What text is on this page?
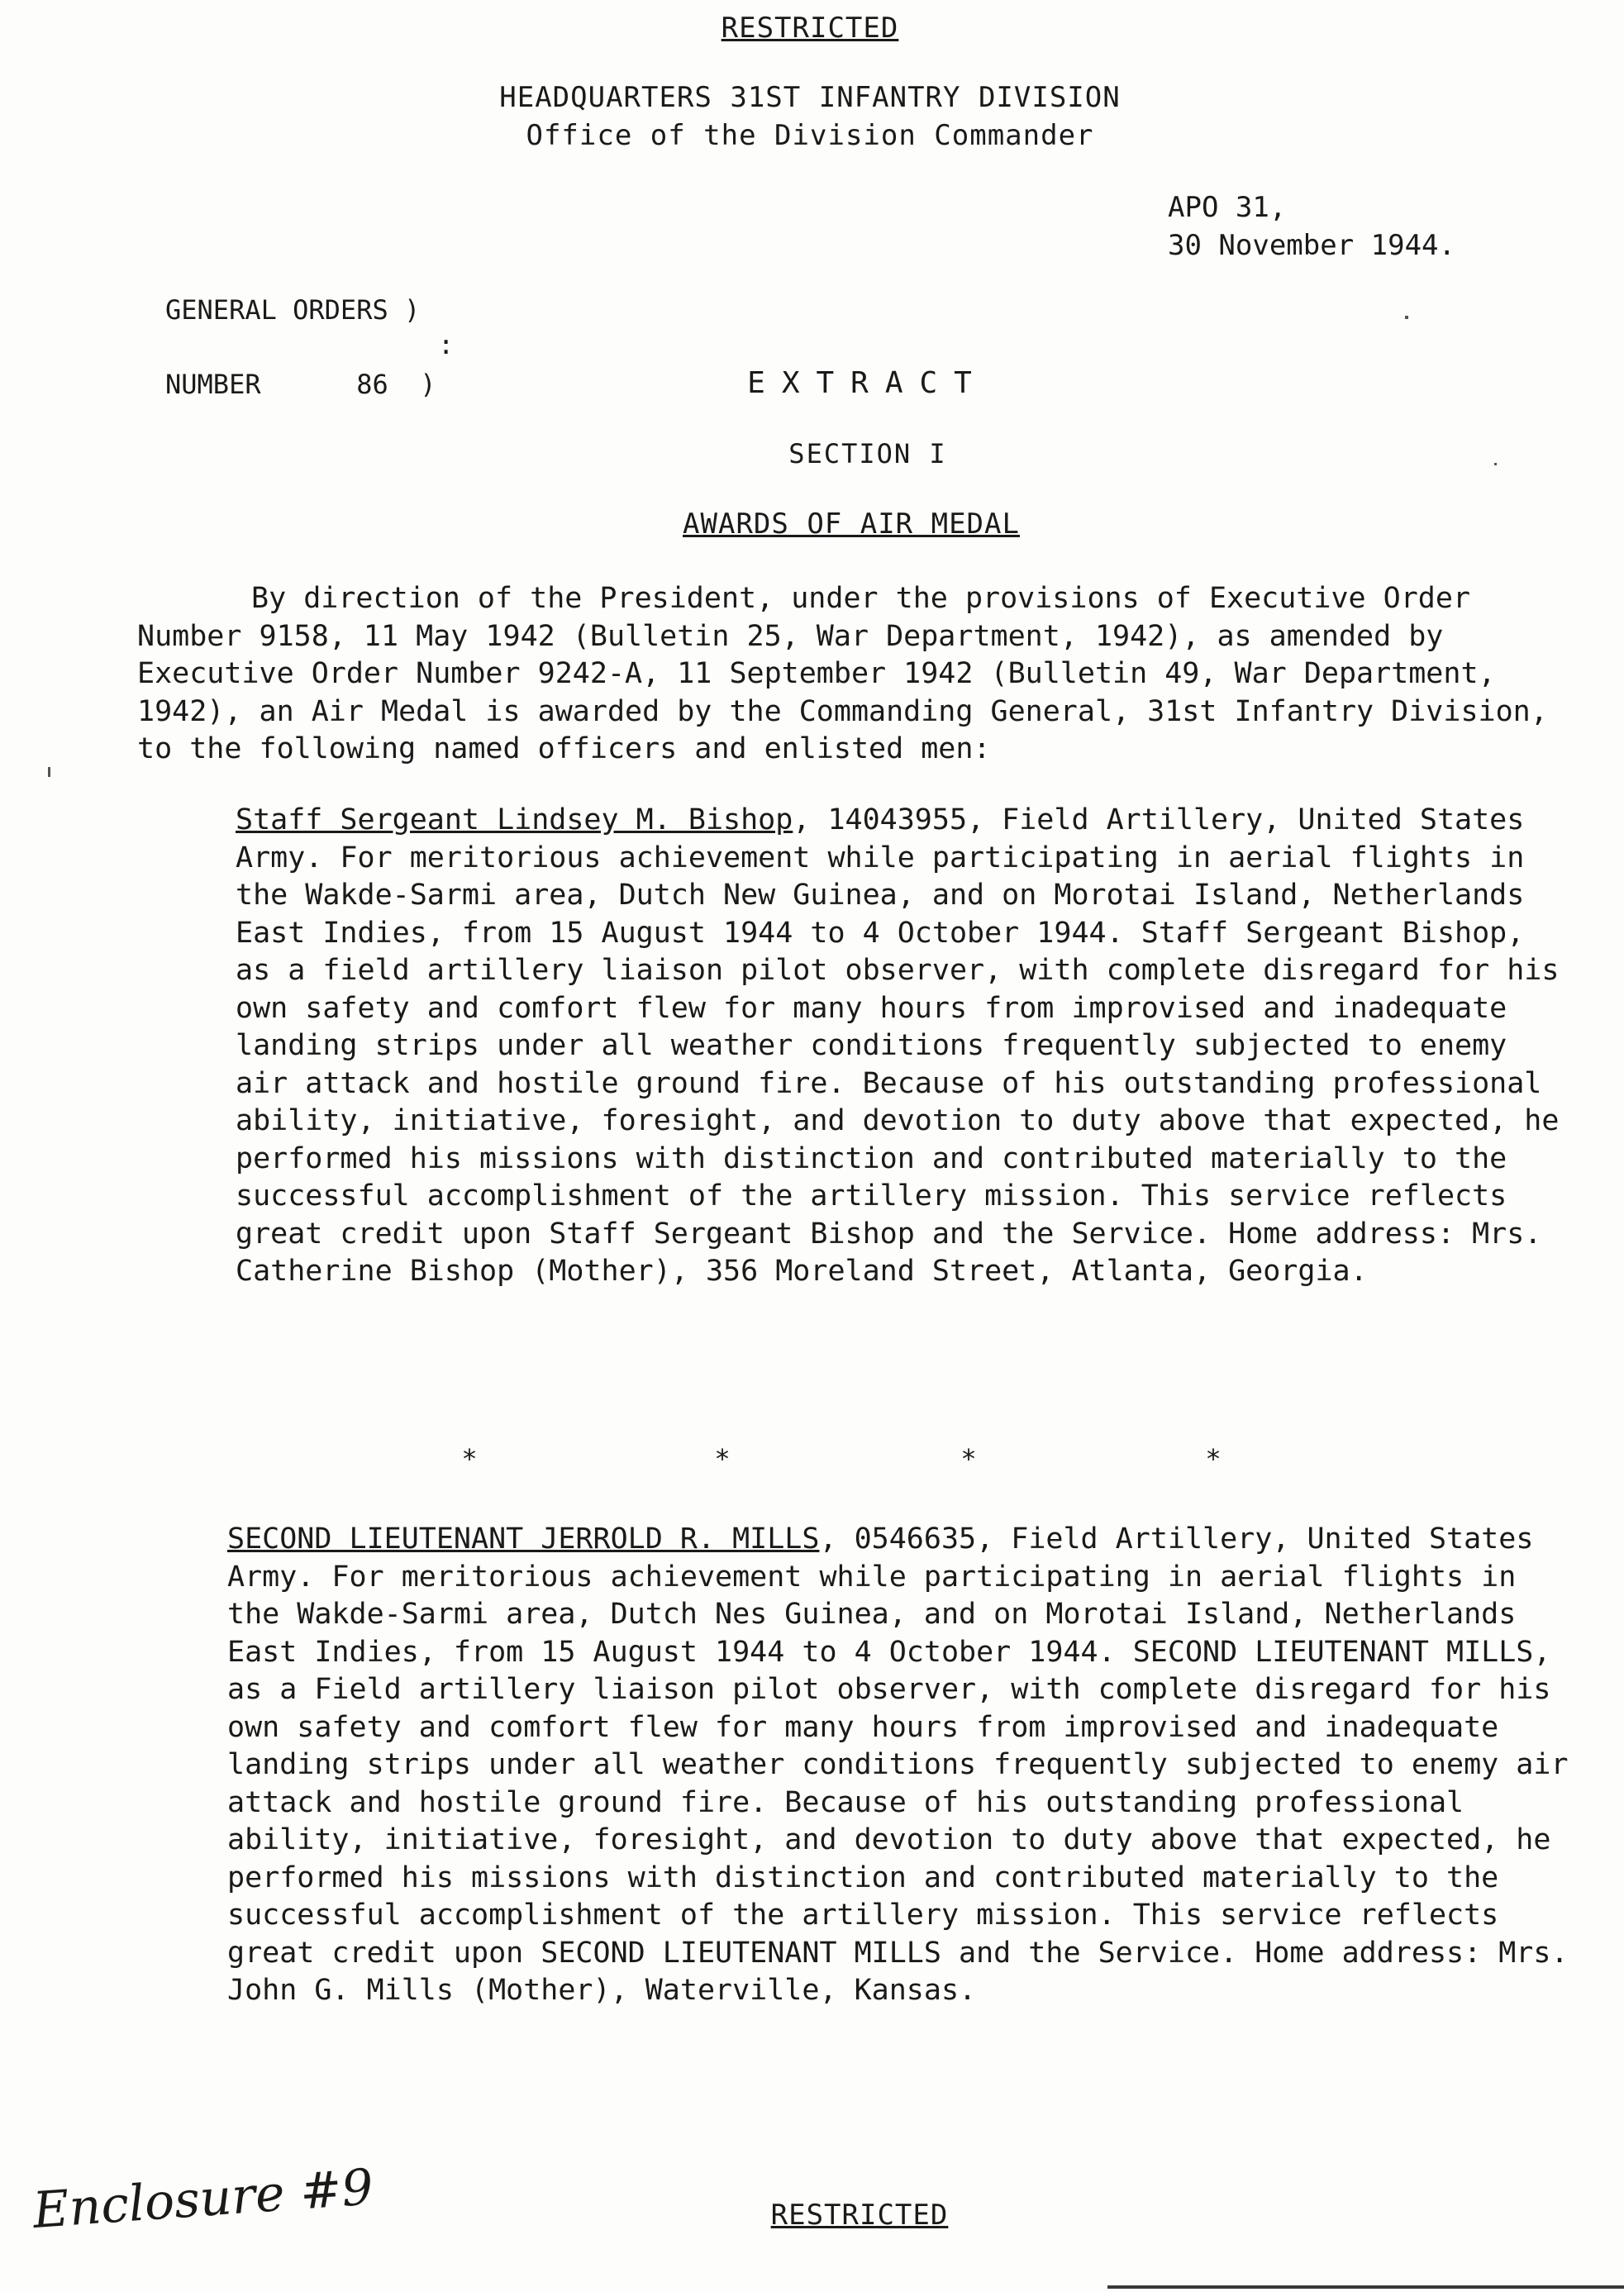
RESTRICTED
HEADQUARTERS 31ST INFANTRY DIVISION
Office of the Division Commander
APO 31,
30 November 1944.
GENERAL ORDERS )
:
NUMBER      86  )	EXTRACT
SECTION I
AWARDS OF AIR MEDAL

By direction of the President, under the provisions of Executive Order Number 9158, 11 May 1942 (Bulletin 25, War Department, 1942), as amended by Executive Order Number 9242-A, 11 September 1942 (Bulletin 49, War Department, 1942), an Air Medal is awarded by the Commanding General, 31st Infantry Division, to the following named officers and enlisted men:

Staff Sergeant Lindsey M. Bishop, 14043955, Field Artillery, United States Army. For meritorious achievement while participating in aerial flights in the Wakde-Sarmi area, Dutch New Guinea, and on Morotai Island, Netherlands East Indies, from 15 August 1944 to 4 October 1944. Staff Sergeant Bishop, as a field artillery liaison pilot observer, with complete disregard for his own safety and comfort flew for many hours from improvised and inadequate landing strips under all weather conditions frequently subjected to enemy air attack and hostile ground fire. Because of his outstanding professional ability, initiative, foresight, and devotion to duty above that expected, he performed his missions with distinction and contributed materially to the successful accomplishment of the artillery mission. This service reflects great credit upon Staff Sergeant Bishop and the Service. Home address: Mrs. Catherine Bishop (Mother), 356 Moreland Street, Atlanta, Georgia.

*	*	*	*

SECOND LIEUTENANT JERROLD R. MILLS, 0546635, Field Artillery, United States Army. For meritorious achievement while participating in aerial flights in the Wakde-Sarmi area, Dutch Nes Guinea, and on Morotai Island, Netherlands East Indies, from 15 August 1944 to 4 October 1944. SECOND LIEUTENANT MILLS, as a Field artillery liaison pilot observer, with complete disregard for his own safety and comfort flew for many hours from improvised and inadequate landing strips under all weather conditions frequently subjected to enemy air attack and hostile ground fire. Because of his outstanding professional ability, initiative, foresight, and devotion to duty above that expected, he performed his missions with distinction and contributed materially to the successful accomplishment of the artillery mission. This service reflects great credit upon SECOND LIEUTENANT MILLS and the Service. Home address: Mrs. John G. Mills (Mother), Waterville, Kansas.

Enclosure #9	RESTRICTED
